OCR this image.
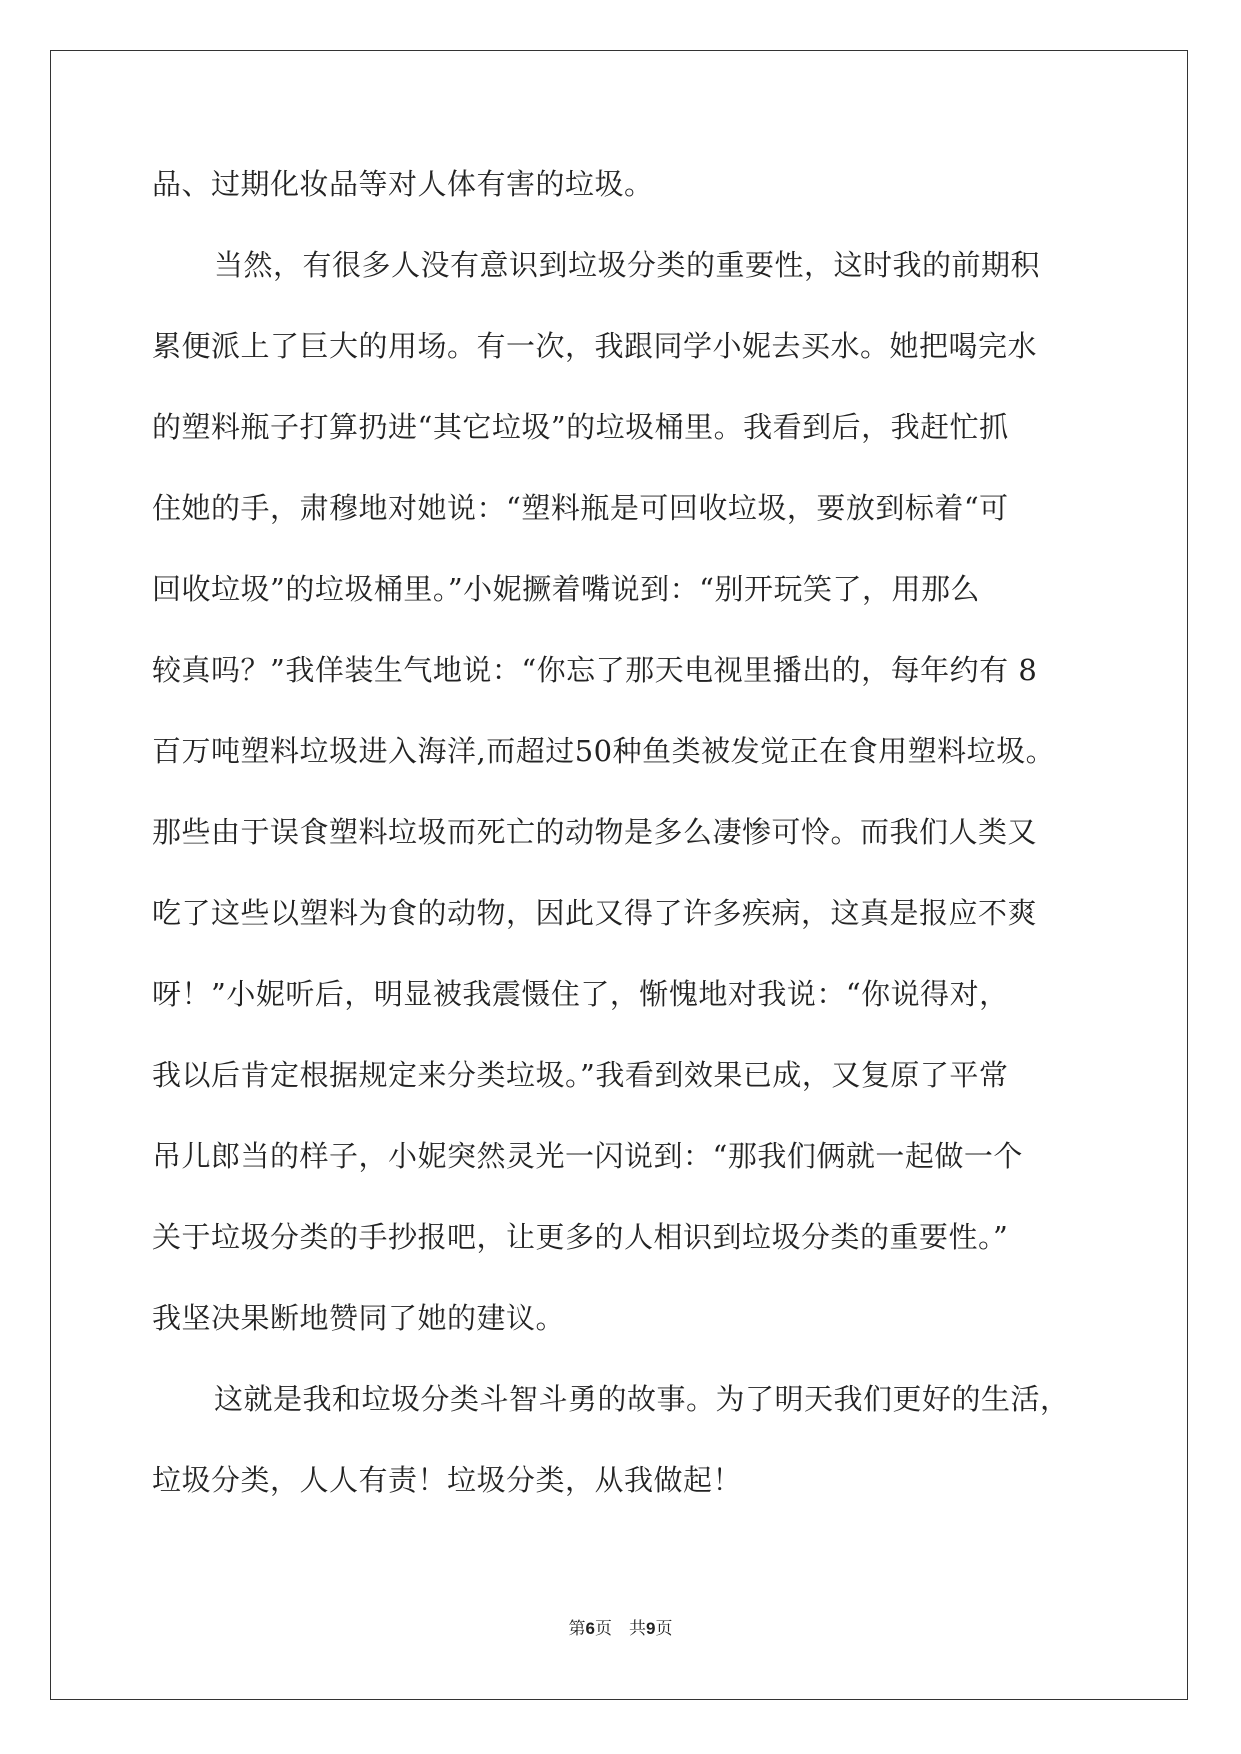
品、过期化妆品等对人体有害的垃圾。
当然，有很多人没有意识到垃圾分类的重要性，这时我的前期积
累便派上了巨大的用场。有一次，我跟同学小妮去买水。她把喝完水
的塑料瓶子打算扔进“其它垃圾”的垃圾桶里。我看到后，我赶忙抓
住她的手，肃穆地对她说：“塑料瓶是可回收垃圾，要放到标着“可
回收垃圾”的垃圾桶里。”小妮撅着嘴说到：“别开玩笑了，用那么
较真吗？”我佯装生气地说：“你忘了那天电视里播出的，每年约有 8
百万吨塑料垃圾进入海洋,而超过50种鱼类被发觉正在食用塑料垃圾。
那些由于误食塑料垃圾而死亡的动物是多么凄惨可怜。而我们人类又
吃了这些以塑料为食的动物，因此又得了许多疾病，这真是报应不爽
呀！”小妮听后，明显被我震慑住了，惭愧地对我说：“你说得对，
我以后肯定根据规定来分类垃圾。”我看到效果已成，又复原了平常
吊儿郎当的样子，小妮突然灵光一闪说到：“那我们俩就一起做一个
关于垃圾分类的手抄报吧，让更多的人相识到垃圾分类的重要性。”
我坚决果断地赞同了她的建议。
这就是我和垃圾分类斗智斗勇的故事。为了明天我们更好的生活，
垃圾分类，人人有责！垃圾分类，从我做起！
第6页　共9页
